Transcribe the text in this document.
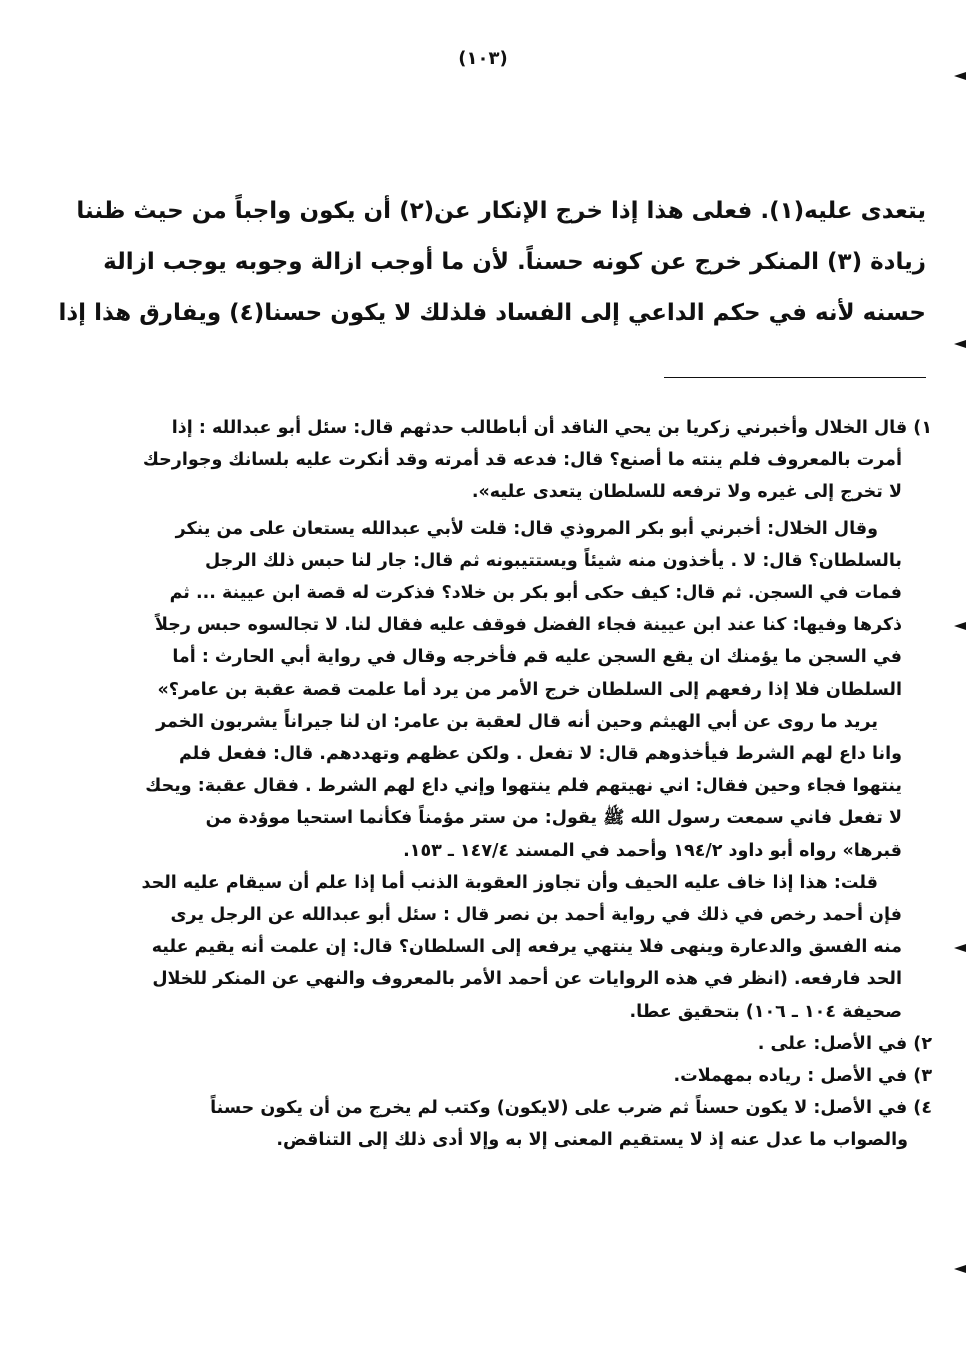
(١٠٣)
يتعدى عليه(١). فعلى هذا إذا خرج الإنكار عن(٢) أن يكون واجباً من حيث ظننا
زيادة (٣) المنكر خرج عن كونه حسناً. لأن ما أوجب ازالة وجوبه يوجب ازالة
حسنه لأنه في حكم الداعي إلى الفساد فلذلك لا يكون حسنا(٤) ويفارق هذا إذا
١) قال الخلال وأخبرني زكريا بن يحي الناقد أن أباطالب حدثهم قال: سئل أبو عبدالله : إذا
أمرت بالمعروف فلم ينته ما أصنع؟ قال: فدعه قد أمرته وقد أنكرت عليه بلسانك وجوارحك
لا تخرج إلى غيره ولا ترفعه للسلطان يتعدى عليه».
وقال الخلال: أخبرني أبو بكر المروذي قال: قلت لأبي عبدالله يستعان على من ينكر
بالسلطان؟ قال: لا . يأخذون منه شيئاً ويستتيبونه ثم قال: جار لنا حبس ذلك الرجل
فمات في السجن. ثم قال: كيف حكى أبو بكر بن خلاد؟ فذكرت له قصة ابن عيينة ... ثم
ذكرها وفيها: كنا عند ابن عيينة فجاء الفضل فوقف عليه فقال لنا. لا تجالسوه حبس رجلاً
في السجن ما يؤمنك ان يقع السجن عليه قم فأخرجه وقال في رواية أبي الحارث : أما
السلطان فلا إذا رفعهم إلى السلطان خرج الأمر من يرد أما علمت قصة عقبة بن عامر؟»
يريد ما روى عن أبي الهيثم وحين أنه قال لعقبة بن عامر: ان لنا جيراناً يشربون الخمر
وانا داع لهم الشرط فيأخذوهم قال: لا تفعل . ولكن عظهم وتهددهم. قال: ففعل فلم
ينتهوا فجاء وحين فقال: اني نهيتهم فلم ينتهوا وإني داع لهم الشرط . فقال عقبة: ويحك
لا تفعل فاني سمعت رسول الله ﷺ يقول: من ستر مؤمناً فكأنما استحيا موؤدة من
قبرها» رواه أبو داود ١٩٤/٢ وأحمد في المسند ١٤٧/٤ ـ ١٥٣.
قلت: هذا إذا خاف عليه الحيف وأن تجاوز العقوبة الذنب أما إذا علم أن سيقام عليه الحد
فإن أحمد رخص في ذلك في رواية أحمد بن نصر قال : سئل أبو عبدالله عن الرجل يرى
منه الفسق والدعارة وينهى فلا ينتهي يرفعه إلى السلطان؟ قال: إن علمت أنه يقيم عليه
الحد فارفعه. (انظر في هذه الروايات عن أحمد الأمر بالمعروف والنهي عن المنكر للخلال
صحيفة ١٠٤ ـ ١٠٦) بتحقيق عطا.
٢) في الأصل: على .
٣) في الأصل : رياده بمهملات.
٤) في الأصل: لا يكون حسناً ثم ضرب على (لايكون) وكتب لم يخرج من أن يكون حسناً
والصواب ما عدل عنه إذ لا يستقيم المعنى إلا به وإلا أدى ذلك إلى التناقض.
